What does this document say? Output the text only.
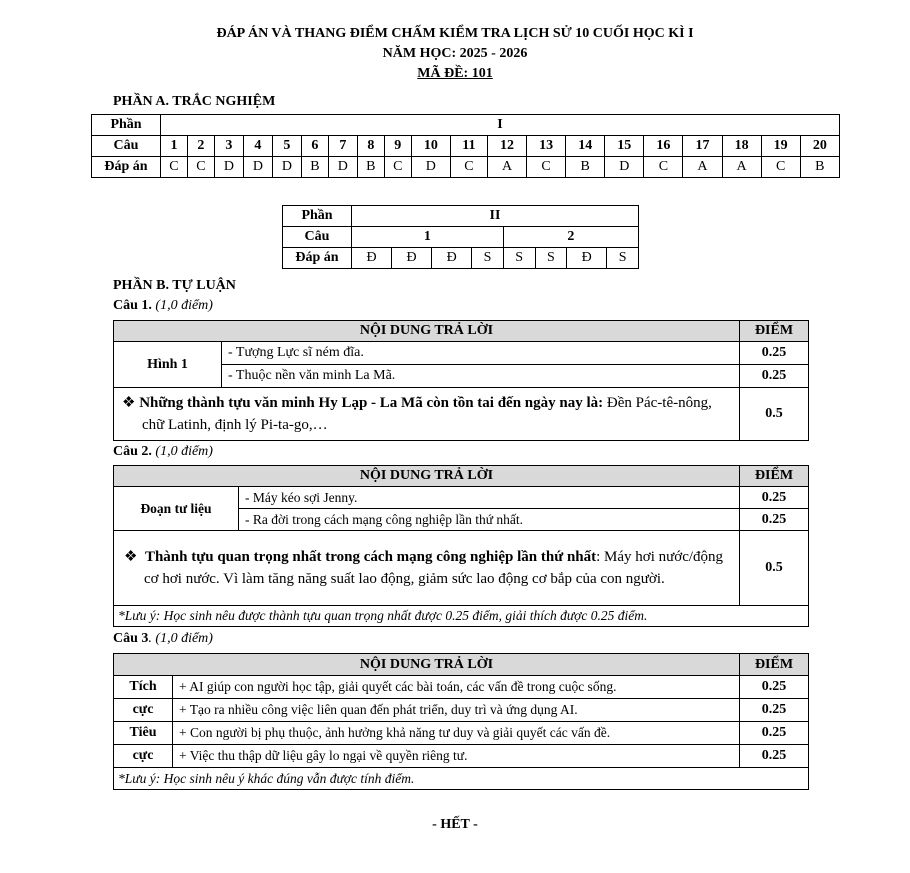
ĐÁP ÁN VÀ THANG ĐIỂM CHẤM KIỂM TRA LỊCH SỬ 10 CUỐI HỌC KÌ I
NĂM HỌC: 2025 - 2026
MÃ ĐỀ: 101
PHẦN A. TRẮC NGHIỆM
Phần	I																			
Câu	1	2	3	4	5	6	7	8	9	10	11	12	13	14	15	16	17	18	19	20
Đáp án	C	C	D	D	D	B	D	B	C	D	C	A	C	B	D	C	A	A	C	B
Phần	II							
Câu	1				2			
Đáp án	Đ	Đ	Đ	S	S	S	Đ	S
PHẦN B. TỰ LUẬN
Câu 1. (1,0 điểm)
NỘI DUNG TRẢ LỜI		ĐIỂM
Hình 1	- Tượng Lực sĩ ném đĩa.	0.25
	- Thuộc nền văn minh La Mã.	0.25
❖ Những thành tựu văn minh Hy Lạp - La Mã còn tồn tai đến ngày nay là: Đền Pác-tê-nông, chữ Latinh, định lý Pi-ta-go,…		0.5
Câu 2. (1,0 điểm)
NỘI DUNG TRẢ LỜI		ĐIỂM
Đoạn tư liệu	- Máy kéo sợi Jenny.	0.25
	- Ra đời trong cách mạng công nghiệp lần thứ nhất.	0.25
❖ Thành tựu quan trọng nhất trong cách mạng công nghiệp lần thứ nhất: Máy hơi nước/động cơ hơi nước. Vì làm tăng năng suất lao động, giảm sức lao động cơ bắp của con người.		0.5
*Lưu ý: Học sinh nêu được thành tựu quan trọng nhất được 0.25 điểm, giải thích được 0.25 điểm.		
Câu 3. (1,0 điểm)
NỘI DUNG TRẢ LỜI		ĐIỂM
Tích	+ AI giúp con người học tập, giải quyết các bài toán, các vấn đề trong cuộc sống.	0.25
cực	+ Tạo ra nhiều công việc liên quan đến phát triển, duy trì và ứng dụng AI.	0.25
Tiêu	+ Con người bị phụ thuộc, ảnh hưởng khả năng tư duy và giải quyết các vấn đề.	0.25
cực	+ Việc thu thập dữ liệu gây lo ngại về quyền riêng tư.	0.25
*Lưu ý: Học sinh nêu ý khác đúng vẫn được tính điểm.		
- HẾT -
